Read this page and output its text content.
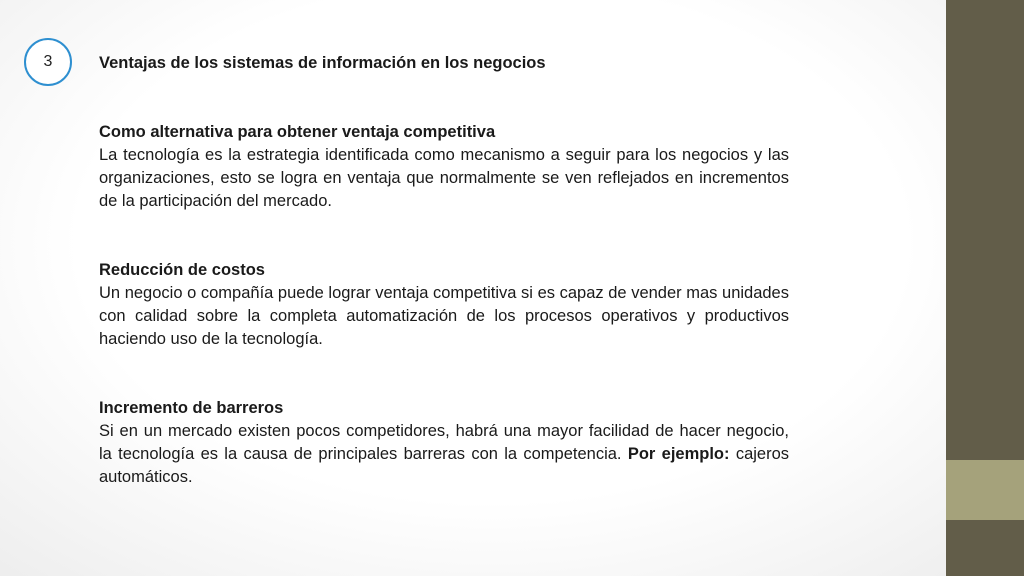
3	Ventajas de los sistemas de información en los negocios
Como alternativa para obtener ventaja competitiva
La tecnología es la estrategia identificada como mecanismo a seguir para los negocios y las organizaciones, esto se logra en ventaja que normalmente se ven reflejados en incrementos de la participación del mercado.
Reducción de costos
Un negocio o compañía puede lograr ventaja competitiva si es capaz de vender mas unidades con calidad sobre la completa automatización de los procesos operativos y productivos haciendo uso de la tecnología.
Incremento de barreros
Si en un mercado existen pocos competidores, habrá una mayor facilidad de hacer negocio, la tecnología es la causa de principales barreras con la competencia. Por ejemplo: cajeros automáticos.
